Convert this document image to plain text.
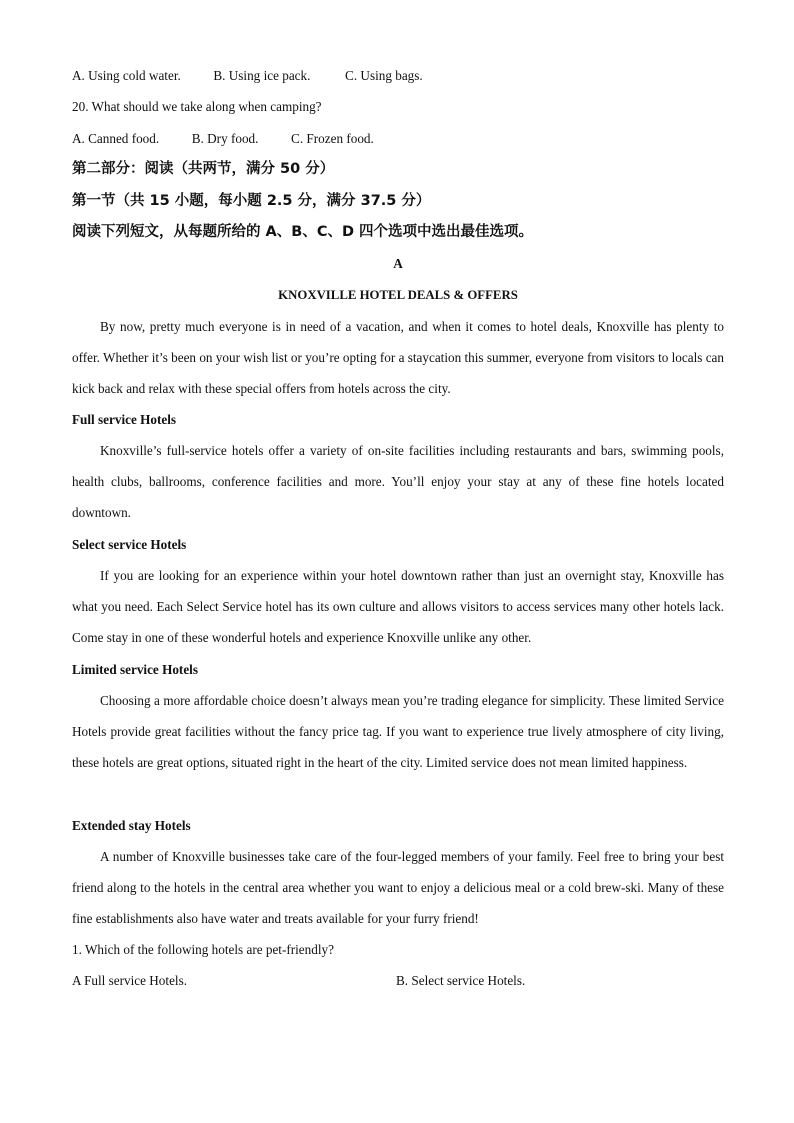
A. Using cold water. B. Using ice pack.	C. Using bags.
20. What should we take along when camping?
A. Canned food. B. Dry food. C. Frozen food.
第二部分：阅读（共两节，满分 50 分）
第一节（共 15 小题，每小题 2.5 分，满分 37.5 分）
阅读下列短文，从每题所给的 A、B、C、D 四个选项中选出最佳选项。
A
KNOXVILLE HOTEL DEALS & OFFERS
By now, pretty much everyone is in need of a vacation, and when it comes to hotel deals, Knoxville has plenty to offer. Whether it’s been on your wish list or you’re opting for a staycation this summer, everyone from visitors to locals can kick back and relax with these special offers from hotels across the city.
Full service Hotels
Knoxville’s full-service hotels offer a variety of on-site facilities including restaurants and bars, swimming pools, health clubs, ballrooms, conference facilities and more. You’ll enjoy your stay at any of these fine hotels located downtown.
Select service Hotels
If you are looking for an experience within your hotel downtown rather than just an overnight stay, Knoxville has what you need. Each Select Service hotel has its own culture and allows visitors to access services many other hotels lack. Come stay in one of these wonderful hotels and experience Knoxville unlike any other.
Limited service Hotels
Choosing a more affordable choice doesn’t always mean you’re trading elegance for simplicity. These limited Service Hotels provide great facilities without the fancy price tag. If you want to experience true lively atmosphere of city living, these hotels are great options, situated right in the heart of the city. Limited service does not mean limited happiness.
Extended stay Hotels
A number of Knoxville businesses take care of the four-legged members of your family. Feel free to bring your best friend along to the hotels in the central area whether you want to enjoy a delicious meal or a cold brew-ski. Many of these fine establishments also have water and treats available for your furry friend!
1. Which of the following hotels are pet-friendly?
A Full service Hotels.	B. Select service Hotels.
